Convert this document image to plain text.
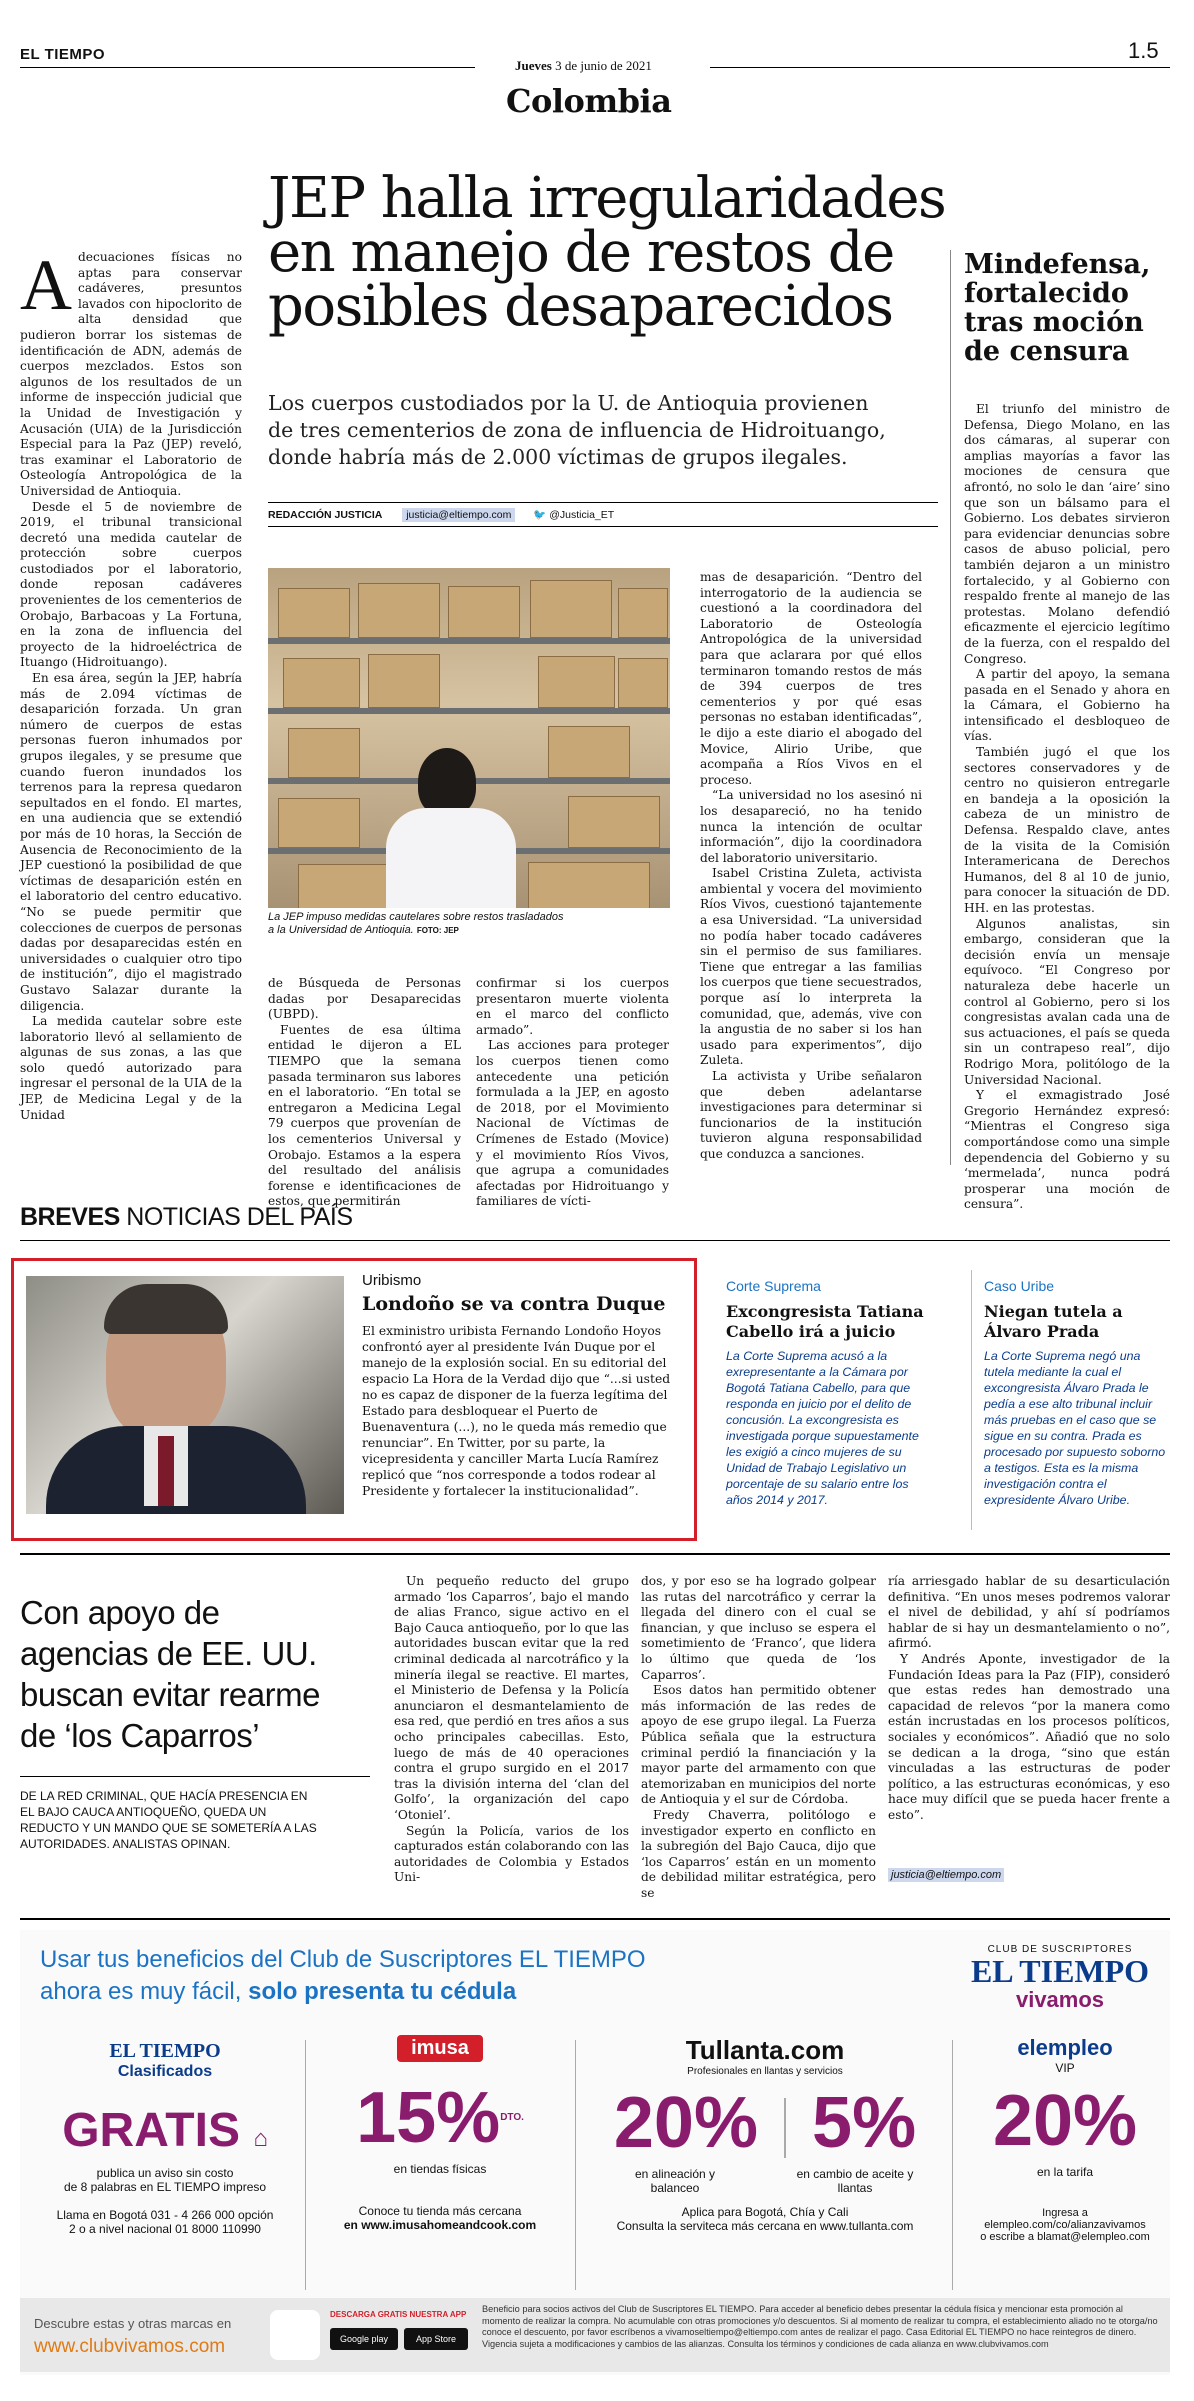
EL TIEMPO	1.5
Jueves 3 de junio de 2021
Colombia
JEP halla irregularidades
en manejo de restos de
posibles desaparecidos
Los cuerpos custodiados por la U. de Antioquia provienen
de tres cementerios de zona de influencia de Hidroituango,
donde habría más de 2.000 víctimas de grupos ilegales.
REDACCIÓN JUSTICIA justicia@eltiempo.com 🐦 @Justicia_ET

Adecuaciones físicas no aptas para conservar cadáveres, presuntos lavados con hipoclorito de alta densidad que pudieron borrar los sistemas de identificación de ADN, además de cuerpos mezclados. Estos son algunos de los resultados de un informe de inspección judicial que la Unidad de Investigación y Acusación (UIA) de la Jurisdicción Especial para la Paz (JEP) reveló, tras examinar el Laboratorio de Osteología Antropológica de la Universidad de Antioquia.

Desde el 5 de noviembre de 2019, el tribunal transicional decretó una medida cautelar de protección sobre cuerpos custodiados por el laboratorio, donde reposan cadáveres provenientes de los cementerios de Orobajo, Barbacoas y La Fortuna, en la zona de influencia del proyecto de la hidroeléctrica de Ituango (Hidroituango).

En esa área, según la JEP, habría más de 2.094 víctimas de desaparición forzada. Un gran número de cuerpos de estas personas fueron inhumados por grupos ilegales, y se presume que cuando fueron inundados los terrenos para la represa quedaron sepultados en el fondo. El martes, en una audiencia que se extendió por más de 10 horas, la Sección de Ausencia de Reconocimiento de la JEP cuestionó la posibilidad de que víctimas de desaparición estén en el laboratorio del centro educativo. “No se puede permitir que colecciones de cuerpos de personas dadas por desaparecidas estén en universidades o cualquier otro tipo de institución”, dijo el magistrado Gustavo Salazar durante la diligencia.

La medida cautelar sobre este laboratorio llevó al sellamiento de algunas de sus zonas, a las que solo quedó autorizado para ingresar el personal de la UIA de la JEP, de Medicina Legal y de la Unidad

La JEP impuso medidas cautelares sobre restos trasladados a la Universidad de Antioquia. FOTO: JEP

de Búsqueda de Personas dadas por Desaparecidas (UBPD).

Fuentes de esa última entidad le dijeron a EL TIEMPO que la semana pasada terminaron sus labores en el laboratorio. “En total se entregaron a Medicina Legal 79 cuerpos que provenían de los cementerios Universal y Orobajo. Estamos a la espera del resultado del análisis forense e identificaciones de estos, que permitirán

confirmar si los cuerpos presentaron muerte violenta en el marco del conflicto armado”.

Las acciones para proteger los cuerpos tienen como antecedente una petición formulada a la JEP, en agosto de 2018, por el Movimiento Nacional de Víctimas de Crímenes de Estado (Movice) y el movimiento Ríos Vivos, que agrupa a comunidades afectadas por Hidroituango y familiares de vícti-

mas de desaparición. “Dentro del interrogatorio de la audiencia se cuestionó a la coordinadora del Laboratorio de Osteología Antropológica de la universidad para que aclarara por qué ellos terminaron tomando restos de más de 394 cuerpos de tres cementerios y por qué esas personas no estaban identificadas”, le dijo a este diario el abogado del Movice, Alirio Uribe, que acompaña a Ríos Vivos en el proceso.

“La universidad no los asesinó ni los desapareció, no ha tenido nunca la intención de ocultar información”, dijo la coordinadora del laboratorio universitario.

Isabel Cristina Zuleta, activista ambiental y vocera del movimiento Ríos Vivos, cuestionó tajantemente a esa Universidad. “La universidad no podía haber tocado cadáveres sin el permiso de sus familiares. Tiene que entregar a las familias los cuerpos que tiene secuestrados, porque así lo interpreta la comunidad, que, además, vive con la angustia de no saber si los han usado para experimentos”, dijo Zuleta.

La activista y Uribe señalaron que deben adelantarse investigaciones para determinar si funcionarios de la institución tuvieron alguna responsabilidad que conduzca a sanciones.

Mindefensa,
fortalecido
tras moción
de censura

El triunfo del ministro de Defensa, Diego Molano, en las dos cámaras, al superar con amplias mayorías a favor las mociones de censura que afrontó, no solo le dan ‘aire’ sino que son un bálsamo para el Gobierno. Los debates sirvieron para evidenciar denuncias sobre casos de abuso policial, pero también dejaron a un ministro fortalecido, y al Gobierno con respaldo frente al manejo de las protestas. Molano defendió eficazmente el ejercicio legítimo de la fuerza, con el respaldo del Congreso.

A partir del apoyo, la semana pasada en el Senado y ahora en la Cámara, el Gobierno ha intensificado el desbloqueo de vías.

También jugó el que los sectores conservadores y de centro no quisieron entregarle en bandeja a la oposición la cabeza de un ministro de Defensa. Respaldo clave, antes de la visita de la Comisión Interamericana de Derechos Humanos, del 8 al 10 de junio, para conocer la situación de DD. HH. en las protestas.

Algunos analistas, sin embargo, consideran que la decisión envía un mensaje equívoco. “El Congreso por naturaleza debe hacerle un control al Gobierno, pero si los congresistas avalan cada una de sus actuaciones, el país se queda sin un contrapeso real”, dijo Rodrigo Mora, politólogo de la Universidad Nacional.

Y el exmagistrado José Gregorio Hernández expresó: “Mientras el Congreso siga comportándose como una simple dependencia del Gobierno y su ‘mermelada’, nunca podrá prosperar una moción de censura”.

BREVES NOTICIAS DEL PAÍS
Uribismo
Londoño se va contra Duque
El exministro uribista Fernando Londoño Hoyos confrontó ayer al presidente Iván Duque por el manejo de la explosión social. En su editorial del espacio La Hora de la Verdad dijo que “...si usted no es capaz de disponer de la fuerza legítima del Estado para desbloquear el Puerto de Buenaventura (...), no le queda más remedio que renunciar”. En Twitter, por su parte, la vicepresidenta y canciller Marta Lucía Ramírez replicó que “nos corresponde a todos rodear al Presidente y fortalecer la institucionalidad”.
Corte Suprema
Excongresista Tatiana
Cabello irá a juicio
La Corte Suprema acusó a la exrepresentante a la Cámara por Bogotá Tatiana Cabello, para que responda en juicio por el delito de concusión. La excongresista es investigada porque supuestamente les exigió a cinco mujeres de su Unidad de Trabajo Legislativo un porcentaje de su salario entre los años 2014 y 2017.
Caso Uribe
Niegan tutela a
Álvaro Prada
La Corte Suprema negó una tutela mediante la cual el excongresista Álvaro Prada le pedía a ese alto tribunal incluir más pruebas en el caso que se sigue en su contra. Prada es procesado por supuesto soborno a testigos. Esta es la misma investigación contra el expresidente Álvaro Uribe.
Con apoyo de
agencias de EE. UU.
buscan evitar rearme
de ‘los Caparros’
DE LA RED CRIMINAL, QUE HACÍA PRESENCIA EN EL BAJO CAUCA ANTIOQUEÑO, QUEDA UN REDUCTO Y UN MANDO QUE SE SOMETERÍA A LAS AUTORIDADES. ANALISTAS OPINAN.

Un pequeño reducto del grupo armado ‘los Caparros’, bajo el mando de alias Franco, sigue activo en el Bajo Cauca antioqueño, por lo que las autoridades buscan evitar que la red criminal dedicada al narcotráfico y la minería ilegal se reactive. El martes, el Ministerio de Defensa y la Policía anunciaron el desmantelamiento de esa red, que perdió en tres años a sus ocho principales cabecillas. Esto, luego de más de 40 operaciones contra el grupo surgido en el 2017 tras la división interna del ‘clan del Golfo’, la organización del capo ‘Otoniel’.

Según la Policía, varios de los capturados están colaborando con las autoridades de Colombia y Estados Uni-

dos, y por eso se ha logrado golpear las rutas del narcotráfico y cerrar la llegada del dinero con el cual se financian, y que incluso se espera el sometimiento de ‘Franco’, que lidera lo último que queda de ‘los Caparros’.

Esos datos han permitido obtener más información de las redes de apoyo de ese grupo ilegal. La Fuerza Pública señala que la estructura criminal perdió la financiación y la mayor parte del armamento con que atemorizaban en municipios del norte de Antioquia y el sur de Córdoba.

Fredy Chaverra, politólogo e investigador experto en conflicto en la subregión del Bajo Cauca, dijo que ‘los Caparros’ están en un momento de debilidad militar estratégica, pero se

ría arriesgado hablar de su desarticulación definitiva. “En unos meses podremos valorar el nivel de debilidad, y ahí sí podríamos hablar de si hay un desmantelamiento o no”, afirmó.

Y Andrés Aponte, investigador de la Fundación Ideas para la Paz (FIP), consideró que estas redes han demostrado una capacidad de relevos “por la manera como están incrustadas en los procesos políticos, sociales y económicos”. Añadió que no solo se dedican a la droga, “sino que están vinculadas a las estructuras de poder político, a las estructuras económicas, y eso hace muy difícil que se pueda hacer frente a esto”.

justicia@eltiempo.com
Usar tus beneficios del Club de Suscriptores EL TIEMPO
ahora es muy fácil, solo presenta tu cédula
CLUB DE SUSCRIPTORES
EL TIEMPO
vivamos
EL TIEMPO
Clasificados
GRATIS ⌂
publica un aviso sin costo
de 8 palabras en EL TIEMPO impreso
Llama en Bogotá 031 - 4 266 000 opción
2 o a nivel nacional 01 8000 110990
imusa
15%$^{DTO.}$
en tiendas físicas
Conoce tu tienda más cercana
en www.imusahomeandcook.com
Tullanta.com
Profesionales en llantas y servicios
20% 5%
en alineación y balanceo
en cambio de aceite y llantas
Aplica para Bogotá, Chía y Cali
Consulta la serviteca más cercana en www.tullanta.com
elempleo
VIP
20%
en la tarifa
Ingresa a elempleo.com/co/alianzavivamos
o escribe a blamat@elempleo.com
Descubre estas y otras marcas en
www.clubvivamos.com
DESCARGA GRATIS NUESTRA APP
Google play	App Store
Beneficio para socios activos del Club de Suscriptores EL TIEMPO. Para acceder al beneficio debes presentar la cédula física y mencionar esta promoción al momento de realizar la compra. No acumulable con otras promociones y/o descuentos. Si al momento de realizar tu compra, el establecimiento aliado no te otorga/no conoce el descuento, por favor escríbenos a vivamoseltiempo@eltiempo.com antes de realizar el pago. Casa Editorial EL TIEMPO no hace reintegros de dinero. Vigencia sujeta a modificaciones y cambios de las alianzas. Consulta los términos y condiciones de cada alianza en www.clubvivamos.com
